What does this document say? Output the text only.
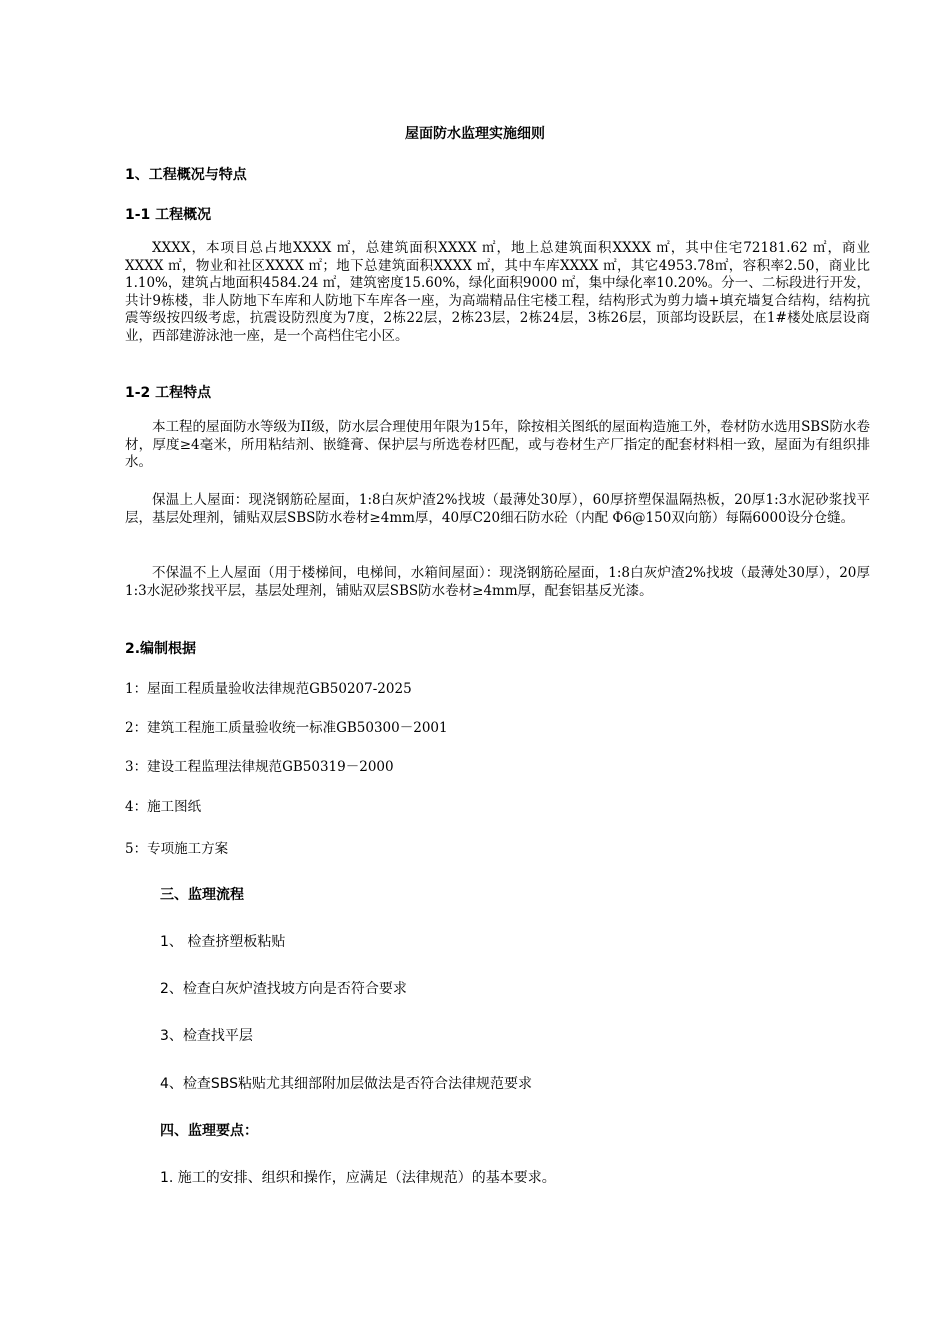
屋面防水监理实施细则
1、工程概况与特点
1-1 工程概况

XXXX，本项目总占地XXXX ㎡，总建筑面积XXXX ㎡，地上总建筑面积XXXX ㎡，其中住宅72181.62 ㎡，商业XXXX ㎡，物业和社区XXXX ㎡；地下总建筑面积XXXX ㎡，其中车库XXXX ㎡，其它4953.78㎡，容积率2.50，商业比1.10%，建筑占地面积4584.24 ㎡，建筑密度15.60%，绿化面积9000 ㎡，集中绿化率10.20%。分一、二标段进行开发，共计9栋楼，非人防地下车库和人防地下车库各一座，为高端精品住宅楼工程，结构形式为剪力墙+填充墙复合结构，结构抗震等级按四级考虑，抗震设防烈度为7度，2栋22层，2栋23层，2栋24层，3栋26层，顶部均设跃层，在1#楼处底层设商业，西部建游泳池一座，是一个高档住宅小区。

1-2 工程特点

本工程的屋面防水等级为II级，防水层合理使用年限为15年，除按相关图纸的屋面构造施工外，卷材防水选用SBS防水卷材，厚度≥4毫米，所用粘结剂、嵌缝膏、保护层与所选卷材匹配，或与卷材生产厂指定的配套材料相一致，屋面为有组织排水。

保温上人屋面：现浇钢筋砼屋面，1:8白灰炉渣2%找坡（最薄处30厚），60厚挤塑保温隔热板，20厚1:3水泥砂浆找平层，基层处理剂，铺贴双层SBS防水卷材≥4mm厚，40厚C20细石防水砼（内配 Φ6@150双向筋）每隔6000设分仓缝。

不保温不上人屋面（用于楼梯间，电梯间，水箱间屋面）：现浇钢筋砼屋面，1:8白灰炉渣2%找坡（最薄处30厚），20厚1:3水泥砂浆找平层，基层处理剂，铺贴双层SBS防水卷材≥4mm厚，配套铝基反光漆。

2.编制根据
1：屋面工程质量验收法律规范GB50207-2025
2：建筑工程施工质量验收统一标准GB50300－2001
3：建设工程监理法律规范GB50319－2000
4：施工图纸
5：专项施工方案
三、监理流程
1、 检查挤塑板粘贴
2、检查白灰炉渣找坡方向是否符合要求
3、检查找平层
4、检查SBS粘贴尤其细部附加层做法是否符合法律规范要求
四、监理要点：
1. 施工的安排、组织和操作，应满足（法律规范）的基本要求。
